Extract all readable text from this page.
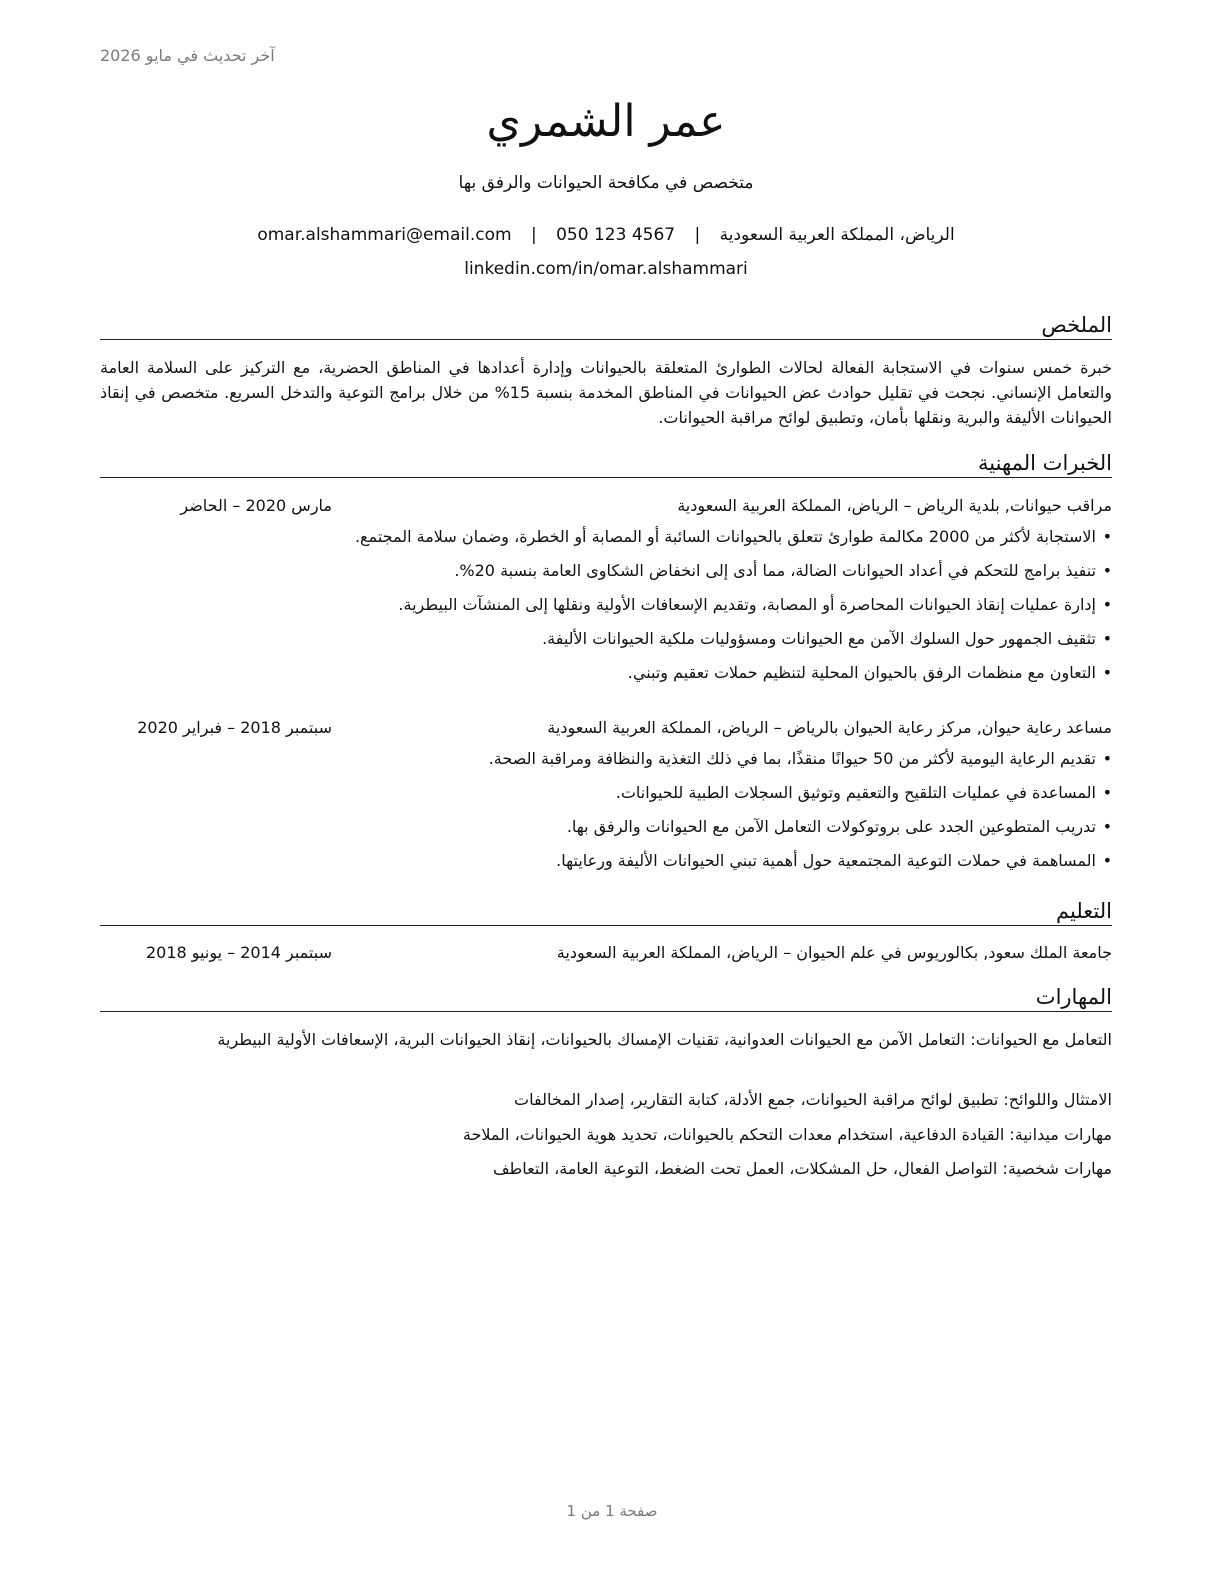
آخر تحديث في مايو 2026
عمر الشمري
متخصص في مكافحة الحيوانات والرفق بها
الرياض، المملكة العربية السعودية | omar.alshammari@email.com | 050 123 4567
linkedin.com/in/omar.alshammari
الملخص
خبرة خمس سنوات في الاستجابة الفعالة لحالات الطوارئ المتعلقة بالحيوانات وإدارة أعدادها في المناطق الحضرية، مع التركيز على السلامة العامة والتعامل الإنساني. نجحت في تقليل حوادث عض الحيوانات في المناطق المخدمة بنسبة 15% من خلال برامج التوعية والتدخل السريع. متخصص في إنقاذ الحيوانات الأليفة والبرية ونقلها بأمان، وتطبيق لوائح مراقبة الحيوانات.
الخبرات المهنية
مراقب حيوانات, بلدية الرياض – الرياض، المملكة العربية السعودية
مارس 2020 – الحاضر
•
الاستجابة لأكثر من 2000 مكالمة طوارئ تتعلق بالحيوانات السائبة أو المصابة أو الخطرة، وضمان سلامة المجتمع.
•
تنفيذ برامج للتحكم في أعداد الحيوانات الضالة، مما أدى إلى انخفاض الشكاوى العامة بنسبة 20%.
•
إدارة عمليات إنقاذ الحيوانات المحاصرة أو المصابة، وتقديم الإسعافات الأولية ونقلها إلى المنشآت البيطرية.
•
تثقيف الجمهور حول السلوك الآمن مع الحيوانات ومسؤوليات ملكية الحيوانات الأليفة.
•
التعاون مع منظمات الرفق بالحيوان المحلية لتنظيم حملات تعقيم وتبني.
مساعد رعاية حيوان, مركز رعاية الحيوان بالرياض – الرياض، المملكة العربية السعودية
سبتمبر 2018 – فبراير 2020
•
تقديم الرعاية اليومية لأكثر من 50 حيوانًا منقذًا، بما في ذلك التغذية والنظافة ومراقبة الصحة.
•
المساعدة في عمليات التلقيح والتعقيم وتوثيق السجلات الطبية للحيوانات.
•
تدريب المتطوعين الجدد على بروتوكولات التعامل الآمن مع الحيوانات والرفق بها.
•
المساهمة في حملات التوعية المجتمعية حول أهمية تبني الحيوانات الأليفة ورعايتها.
التعليم
جامعة الملك سعود, بكالوريوس في علم الحيوان – الرياض، المملكة العربية السعودية
سبتمبر 2014 – يونيو 2018
المهارات
التعامل مع الحيوانات: التعامل الآمن مع الحيوانات العدوانية، تقنيات الإمساك بالحيوانات، إنقاذ الحيوانات البرية، الإسعافات الأولية البيطرية
الامتثال واللوائح: تطبيق لوائح مراقبة الحيوانات، جمع الأدلة، كتابة التقارير، إصدار المخالفات
مهارات ميدانية: القيادة الدفاعية، استخدام معدات التحكم بالحيوانات، تحديد هوية الحيوانات، الملاحة
مهارات شخصية: التواصل الفعال، حل المشكلات، العمل تحت الضغط، التوعية العامة، التعاطف
صفحة 1 من 1
